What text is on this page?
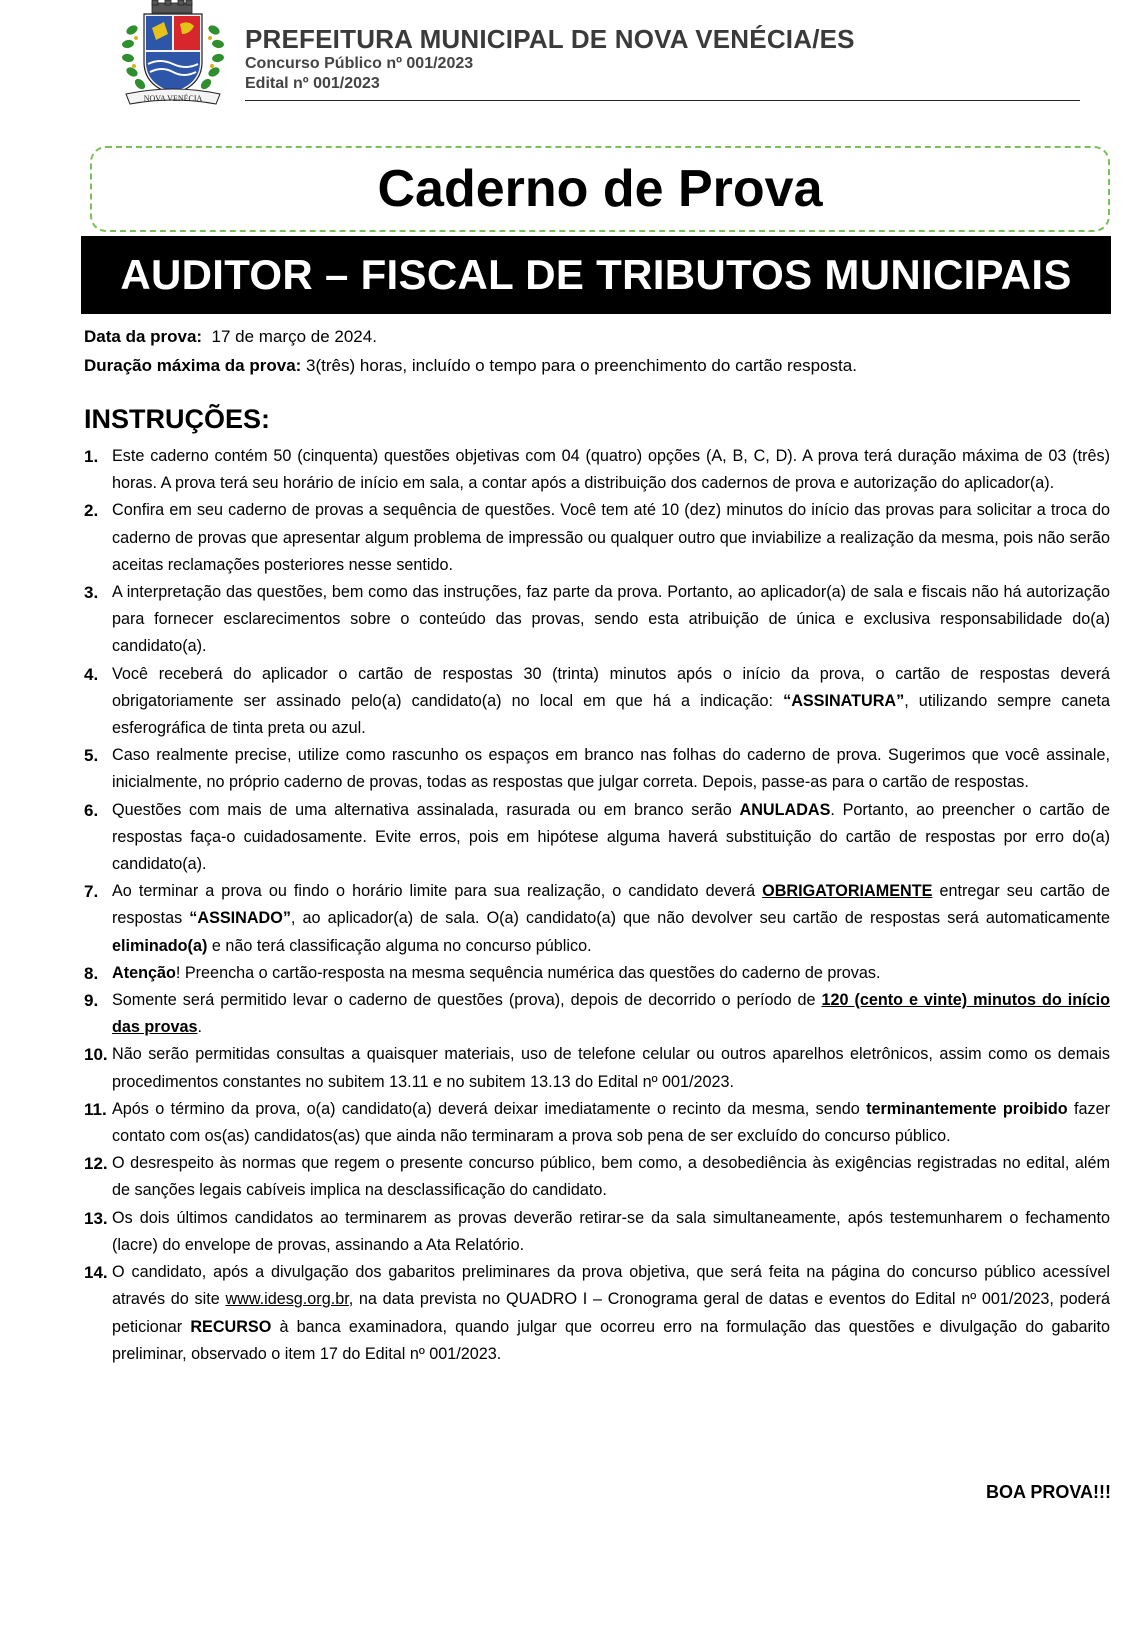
NOVA VENÉCIA
PREFEITURA MUNICIPAL DE NOVA VENÉCIA/ES
Concurso Público nº 001/2023
Edital nº 001/2023
Caderno de Prova
AUDITOR – FISCAL DE TRIBUTOS MUNICIPAIS
Data da prova: 17 de março de 2024.
Duração máxima da prova: 3(três) horas, incluído o tempo para o preenchimento do cartão resposta.
INSTRUÇÕES:
1. Este caderno contém 50 (cinquenta) questões objetivas com 04 (quatro) opções (A, B, C, D). A prova terá duração máxima de 03 (três) horas. A prova terá seu horário de início em sala, a contar após a distribuição dos cadernos de prova e autorização do aplicador(a).
2. Confira em seu caderno de provas a sequência de questões. Você tem até 10 (dez) minutos do início das provas para solicitar a troca do caderno de provas que apresentar algum problema de impressão ou qualquer outro que inviabilize a realização da mesma, pois não serão aceitas reclamações posteriores nesse sentido.
3. A interpretação das questões, bem como das instruções, faz parte da prova. Portanto, ao aplicador(a) de sala e fiscais não há autorização para fornecer esclarecimentos sobre o conteúdo das provas, sendo esta atribuição de única e exclusiva responsabilidade do(a) candidato(a).
4. Você receberá do aplicador o cartão de respostas 30 (trinta) minutos após o início da prova, o cartão de respostas deverá obrigatoriamente ser assinado pelo(a) candidato(a) no local em que há a indicação: “ASSINATURA”, utilizando sempre caneta esferográfica de tinta preta ou azul.
5. Caso realmente precise, utilize como rascunho os espaços em branco nas folhas do caderno de prova. Sugerimos que você assinale, inicialmente, no próprio caderno de provas, todas as respostas que julgar correta. Depois, passe-as para o cartão de respostas.
6. Questões com mais de uma alternativa assinalada, rasurada ou em branco serão ANULADAS. Portanto, ao preencher o cartão de respostas faça-o cuidadosamente. Evite erros, pois em hipótese alguma haverá substituição do cartão de respostas por erro do(a) candidato(a).
7. Ao terminar a prova ou findo o horário limite para sua realização, o candidato deverá OBRIGATORIAMENTE entregar seu cartão de respostas “ASSINADO”, ao aplicador(a) de sala. O(a) candidato(a) que não devolver seu cartão de respostas será automaticamente eliminado(a) e não terá classificação alguma no concurso público.
8. Atenção! Preencha o cartão-resposta na mesma sequência numérica das questões do caderno de provas.
9. Somente será permitido levar o caderno de questões (prova), depois de decorrido o período de 120 (cento e vinte) minutos do início das provas.
10. Não serão permitidas consultas a quaisquer materiais, uso de telefone celular ou outros aparelhos eletrônicos, assim como os demais procedimentos constantes no subitem 13.11 e no subitem 13.13 do Edital nº 001/2023.
11. Após o término da prova, o(a) candidato(a) deverá deixar imediatamente o recinto da mesma, sendo terminantemente proibido fazer contato com os(as) candidatos(as) que ainda não terminaram a prova sob pena de ser excluído do concurso público.
12. O desrespeito às normas que regem o presente concurso público, bem como, a desobediência às exigências registradas no edital, além de sanções legais cabíveis implica na desclassificação do candidato.
13. Os dois últimos candidatos ao terminarem as provas deverão retirar-se da sala simultaneamente, após testemunharem o fechamento (lacre) do envelope de provas, assinando a Ata Relatório.
14. O candidato, após a divulgação dos gabaritos preliminares da prova objetiva, que será feita na página do concurso público acessível através do site www.idesg.org.br, na data prevista no QUADRO I – Cronograma geral de datas e eventos do Edital nº 001/2023, poderá peticionar RECURSO à banca examinadora, quando julgar que ocorreu erro na formulação das questões e divulgação do gabarito preliminar, observado o item 17 do Edital nº 001/2023.
BOA PROVA!!!
